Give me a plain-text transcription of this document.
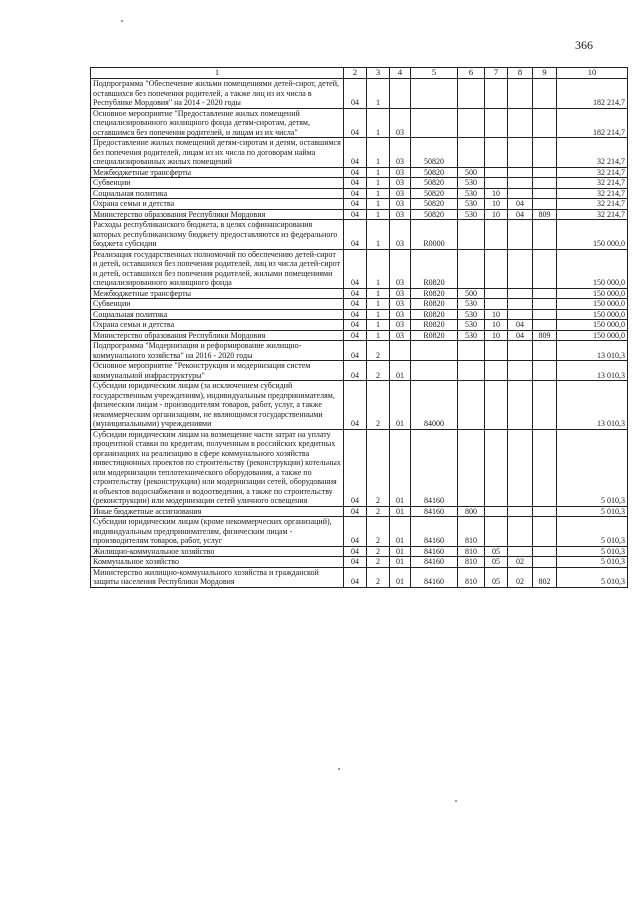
366
1	2	3	4	5	6	7	8	9	10
Подпрограмма "Обеспечение жильми помещениями детей-сирот, детей, оставшихся без попечения родителей, а также лиц из их числа в Республике Мордовия" на 2014 - 2020 годы	04	1							182 214,7
Основное мероприятие "Предоставление жилых помещений специализированного жилищного фонда детям-сиротам, детям, оставшимся без попечения родителей, и лицам из их числа"	04	1	03						182 214,7
Предоставление жилых помещений детям-сиротам и детям, оставшимся без попечения родителей, лицам из их числа по договорам найма специализированных жилых помещений	04	1	03	50820					32 214,7
Межбюджетные трансферты	04	1	03	50820	500				32 214,7
Субвенции	04	1	03	50820	530				32 214,7
Социальная политика	04	1	03	50820	530	10			32 214,7
Охрана семьи и детства	04	1	03	50820	530	10	04		32 214,7
Министерство образования Республики Мордовия	04	1	03	50820	530	10	04	809	32 214,7
Расходы республиканского бюджета, в целях софинансирования которых республиканскому бюджету предоставляются из федерального бюджета субсидии	04	1	03	R0000					150 000,0
Реализация государственных полномочий по обеспечению детей-сирот и детей, оставшихся без попечения родителей, лиц из числа детей-сирот и детей, оставшихся без попечения родителей, жилыми помещениями специализированного жилищного фонда	04	1	03	R0820					150 000,0
Межбюджетные трансферты	04	1	03	R0820	500				150 000,0
Субвенции	04	1	03	R0820	530				150 000,0
Социальная политика	04	1	03	R0820	530	10			150 000,0
Охрана семьи и детства	04	1	03	R0820	530	10	04		150 000,0
Министерство образования Республики Мордовия	04	1	03	R0820	530	10	04	809	150 000,0
Подпрограмма "Модернизация и реформирование жилищно-коммунального хозяйства" на 2016 - 2020 годы	04	2							13 010,3
Основное мероприятие "Реконструкция и модернизация систем коммунальной инфраструктуры"	04	2	01						13 010,3
Субсидии юридическим лицам (за исключением субсидий государственным учреждениям), индивидуальным предпринимателям, физическим лицам - производителям товаров, работ, услуг, а также некоммерческим организациям, не являющимся государственными (муниципальными) учреждениями	04	2	01	84000					13 010,3
Субсидии юридическим лицам на возмещение части затрат на уплату процентной ставки по кредитам, полученным в российских кредитных организациях на реализацию в сфере коммунального хозяйства инвестиционных проектов по строительству (реконструкции) котельных или модернизации теплотехнического оборудования, а также по строительству (реконструкции) или модернизации сетей, оборудования и объектов водоснабжения и водоотведения, а также по строительству (реконструкции) или модернизации сетей уличного освещения	04	2	01	84160					5 010,3
Иные бюджетные ассигнования	04	2	01	84160	800				5 010,3
Субсидии юридическим лицам (кроме некоммерческих организаций), индивидуальным предпринимателям, физическим лицам - производителям товаров, работ, услуг	04	2	01	84160	810				5 010,3
Жилищно-коммунальное хозяйство	04	2	01	84160	810	05			5 010,3
Коммунальное хозяйство	04	2	01	84160	810	05	02		5 010,3
Министерство жилищно-коммунального хозяйства и гражданской защиты населения Республики Мордовия	04	2	01	84160	810	05	02	802	5 010,3
